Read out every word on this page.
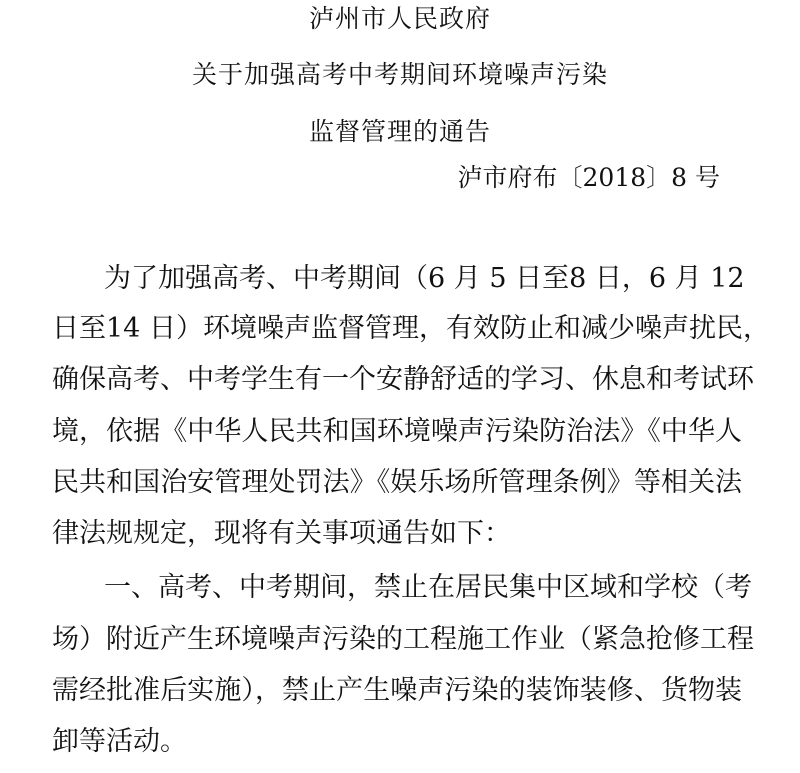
泸州市人民政府
关于加强高考中考期间环境噪声污染
监督管理的通告
泸市府布〔2018〕8 号
为了加强高考、中考期间（6 月 5 日至8 日，6 月 12
日至14 日）环境噪声监督管理，有效防止和减少噪声扰民，
确保高考、中考学生有一个安静舒适的学习、休息和考试环
境，依据《中华人民共和国环境噪声污染防治法》《中华人
民共和国治安管理处罚法》《娱乐场所管理条例》等相关法
律法规规定，现将有关事项通告如下：
一、高考、中考期间，禁止在居民集中区域和学校（考
场）附近产生环境噪声污染的工程施工作业（紧急抢修工程
需经批准后实施），禁止产生噪声污染的装饰装修、货物装
卸等活动。
